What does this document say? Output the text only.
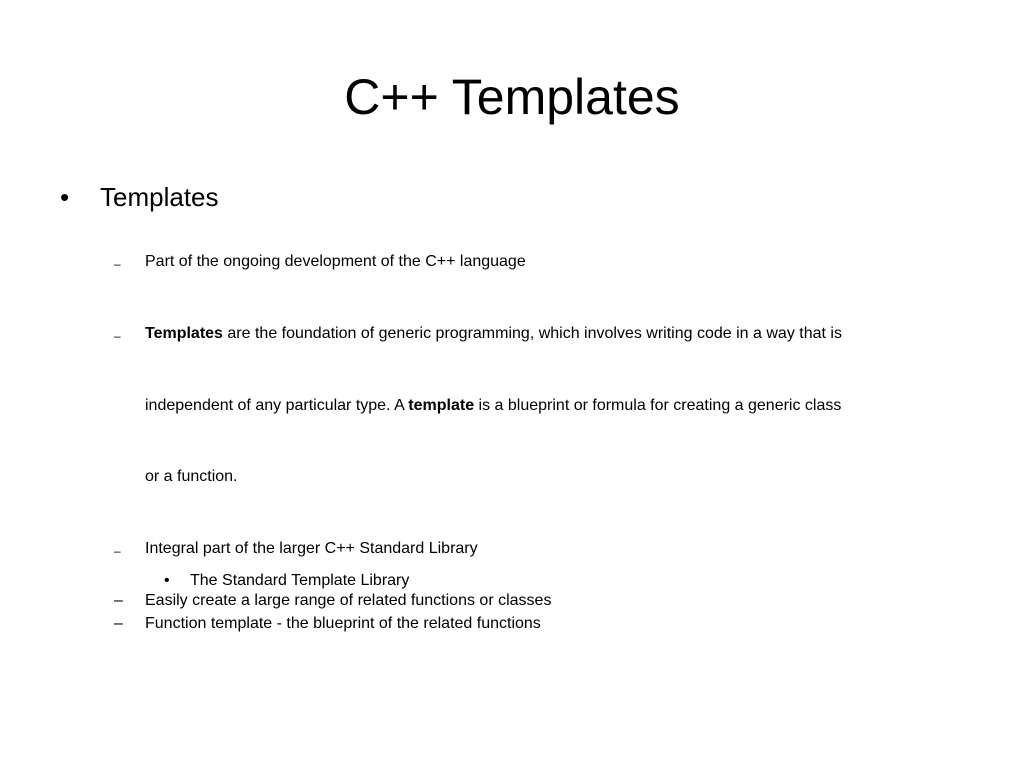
C++ Templates
•	Templates
– Part of the ongoing development of the C++ language
– Templates are the foundation of generic programming, which involves writing code in a way that is
independent of any particular type. A template is a blueprint or formula for creating a generic class
or a function.
– Integral part of the larger C++ Standard Library
• The Standard Template Library
– Easily create a large range of related functions or classes
– Function template - the blueprint of the related functions
